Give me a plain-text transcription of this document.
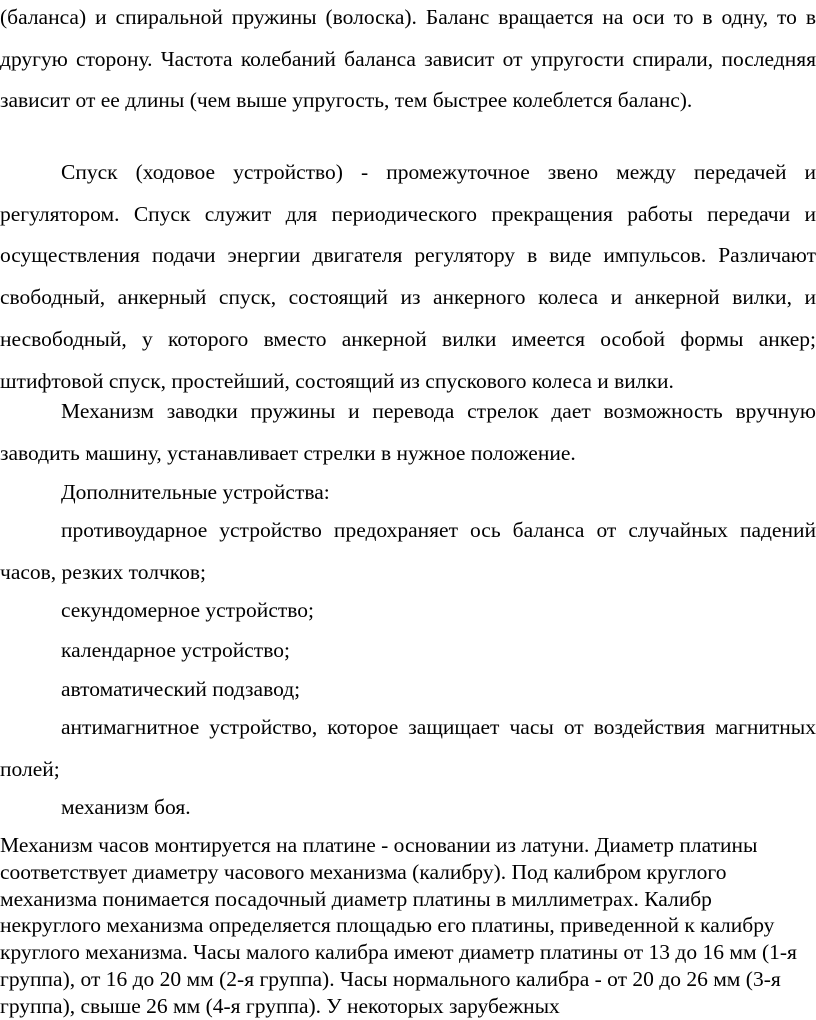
(баланса) и спиральной пружины (волоска). Баланс вращается на оси то в одну, то в другую сторону. Частота колебаний баланса зависит от упругости спирали, последняя зависит от ее длины (чем выше упругость, тем быстрее колеблется баланс).

Спуск (ходовое устройство) - промежуточное звено между передачей и регулятором. Спуск служит для периодического прекращения работы передачи и осуществления подачи энергии двигателя регулятору в виде импульсов. Различают свободный, анкерный спуск, состоящий из анкерного колеса и анкерной вилки, и несвободный, у которого вместо анкерной вилки имеется особой формы анкер; штифтовой спуск, простейший, состоящий из спускового колеса и вилки.

Механизм заводки пружины и перевода стрелок дает возможность вручную заводить машину, устанавливает стрелки в нужное положение.

Дополнительные устройства:

противоударное устройство предохраняет ось баланса от случайных падений часов, резких толчков;

секундомерное устройство;

календарное устройство;

автоматический подзавод;

антимагнитное устройство, которое защищает часы от воздействия магнитных полей;

механизм боя.

Механизм часов монтируется на платине - основании из латуни. Диаметр платины соответствует диаметру часового механизма (калибру). Под калибром круглого механизма понимается посадочный диаметр платины в миллиметрах. Калибр некруглого механизма определяется площадью его платины, приведенной к калибру круглого механизма. Часы малого калибра имеют диаметр платины от 13 до 16 мм (1-я группа), от 16 до 20 мм (2-я группа). Часы нормального калибра - от 20 до 26 мм (3-я группа), свыше 26 мм (4-я группа). У некоторых зарубежных
